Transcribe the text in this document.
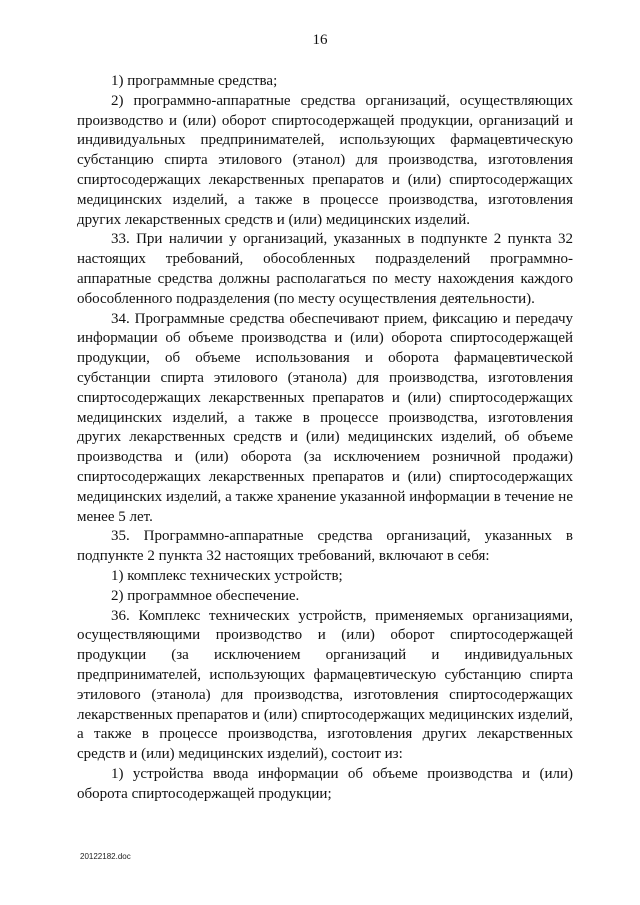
16

1) программные средства;

2) программно-аппаратные средства организаций, осуществляющих производство и (или) оборот спиртосодержащей продукции, организаций и индивидуальных предпринимателей, использующих фармацевтическую субстанцию спирта этилового (этанол) для производства, изготовления спиртосодержащих лекарственных препаратов и (или) спиртосодержащих медицинских изделий, а также в процессе производства, изготовления других лекарственных средств и (или) медицинских изделий.

33. При наличии у организаций, указанных в подпункте 2 пункта 32 настоящих требований, обособленных подразделений программно-аппаратные средства должны располагаться по месту нахождения каждого обособленного подразделения (по месту осуществления деятельности).

34. Программные средства обеспечивают прием, фиксацию и передачу информации об объеме производства и (или) оборота спиртосодержащей продукции, об объеме использования и оборота фармацевтической субстанции спирта этилового (этанола) для производства, изготовления спиртосодержащих лекарственных препаратов и (или) спиртосодержащих медицинских изделий, а также в процессе производства, изготовления других лекарственных средств и (или) медицинских изделий, об объеме производства и (или) оборота (за исключением розничной продажи) спиртосодержащих лекарственных препаратов и (или) спиртосодержащих медицинских изделий, а также хранение указанной информации в течение не менее 5 лет.

35. Программно-аппаратные средства организаций, указанных в подпункте 2 пункта 32 настоящих требований, включают в себя:

1) комплекс технических устройств;

2) программное обеспечение.

36. Комплекс технических устройств, применяемых организациями, осуществляющими производство и (или) оборот спиртосодержащей продукции (за исключением организаций и индивидуальных предпринимателей, использующих фармацевтическую субстанцию спирта этилового (этанола) для производства, изготовления спиртосодержащих лекарственных препаратов и (или) спиртосодержащих медицинских изделий, а также в процессе производства, изготовления других лекарственных средств и (или) медицинских изделий), состоит из:

1) устройства ввода информации об объеме производства и (или) оборота спиртосодержащей продукции;

20122182.doc
